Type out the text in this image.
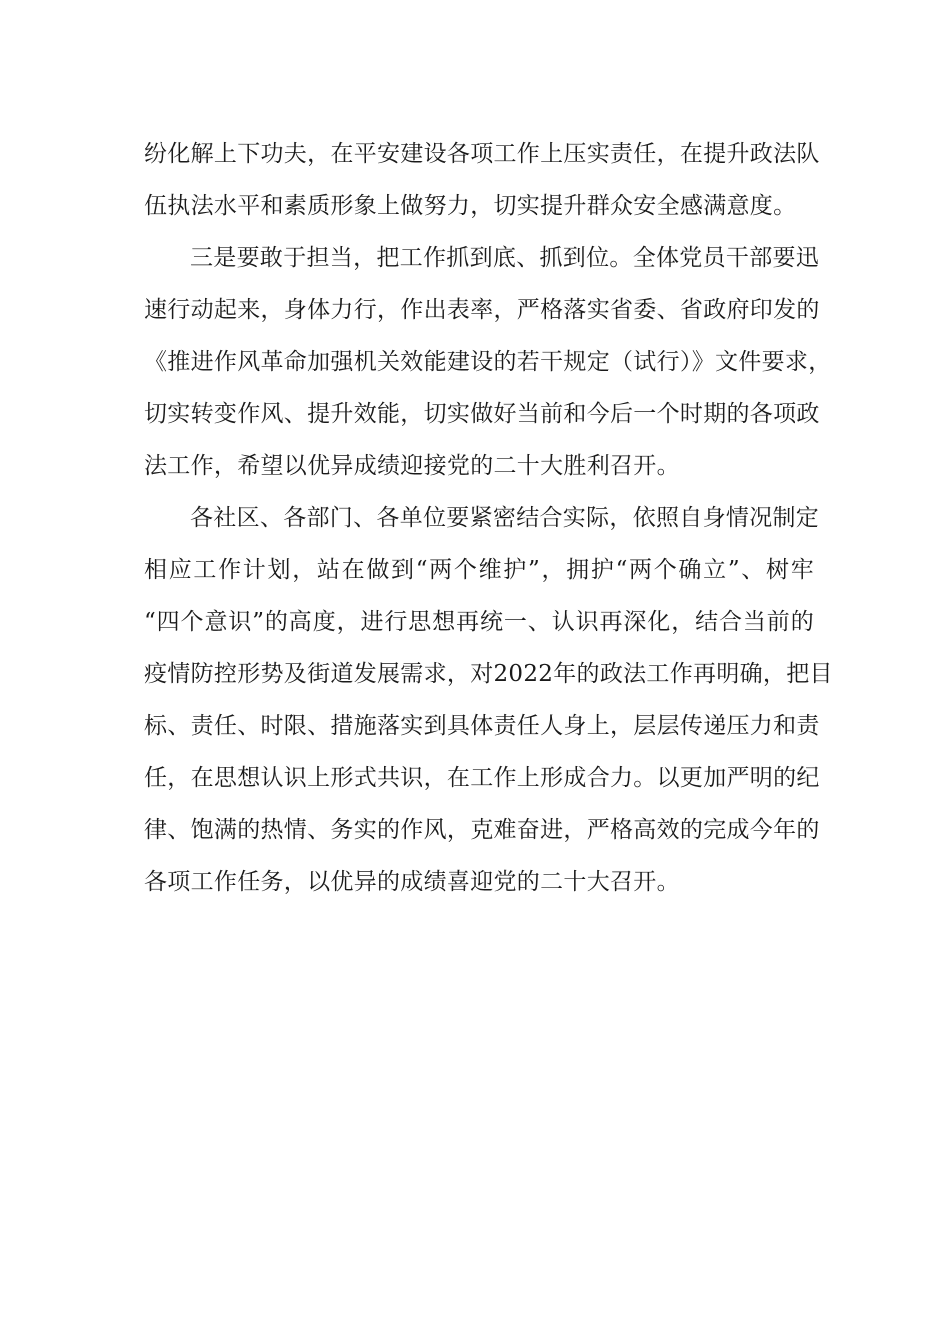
纷化解上下功夫，在平安建设各项工作上压实责任，在提升政法队
伍执法水平和素质形象上做努力，切实提升群众安全感满意度。
三是要敢于担当，把工作抓到底、抓到位。全体党员干部要迅
速行动起来，身体力行，作出表率，严格落实省委、省政府印发的
《推进作风革命加强机关效能建设的若干规定（试行）》文件要求，
切实转变作风、提升效能，切实做好当前和今后一个时期的各项政
法工作，希望以优异成绩迎接党的二十大胜利召开。
各社区、各部门、各单位要紧密结合实际，依照自身情况制定
相应工作计划，站在做到“两个维护”，拥护“两个确立”、树牢
“四个意识”的高度，进行思想再统一、认识再深化，结合当前的
疫情防控形势及街道发展需求，对2022年的政法工作再明确，把目
标、责任、时限、措施落实到具体责任人身上，层层传递压力和责
任，在思想认识上形式共识，在工作上形成合力。以更加严明的纪
律、饱满的热情、务实的作风，克难奋进，严格高效的完成今年的
各项工作任务，以优异的成绩喜迎党的二十大召开。
